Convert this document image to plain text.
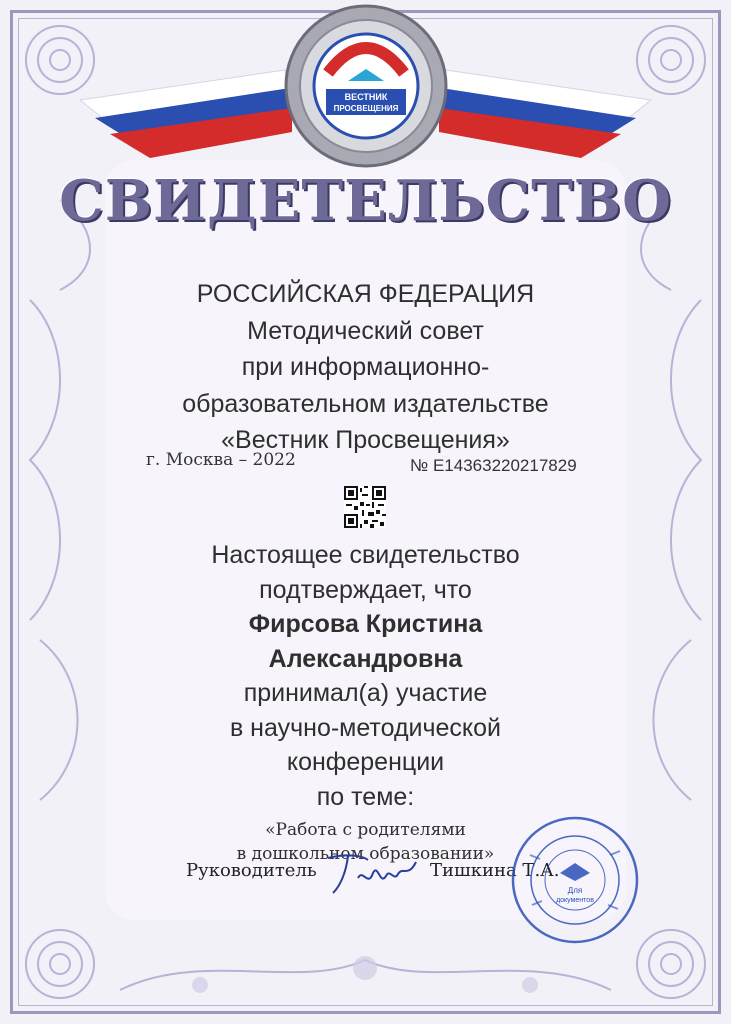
ВЕСТНИК
ПРОСВЕЩЕНИЯ
СВИДЕТЕЛЬСТВО
РОССИЙСКАЯ ФЕДЕРАЦИЯ
Методический совет
при информационно-
образовательном издательстве
«Вестник Просвещения»
г. Москва – 2022	№ E14363220217829
Настоящее свидетельство
подтверждает, что
Фирсова Кристина
Александровна
принимал(а) участие
в научно-методической
конференции
по теме:
«Работа с родителями
в дошкольном образовании»
Руководитель	Тишкина Т.А.
Для
документов
